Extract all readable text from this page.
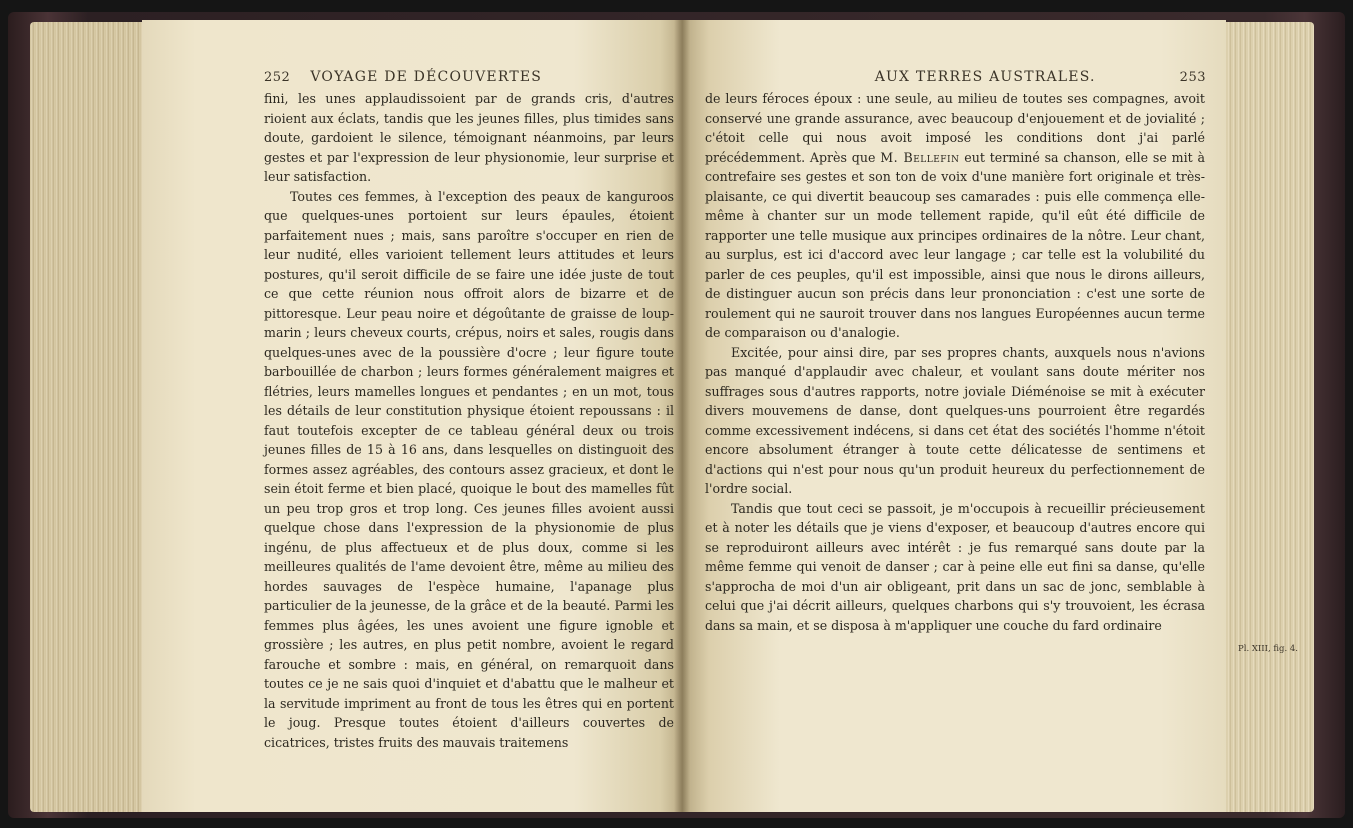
252 VOYAGE DE DÉCOUVERTES

fini, les unes applaudissoient par de grands cris, d'autres rioient aux éclats, tandis que les jeunes filles, plus timides sans doute, gardoient le silence, témoignant néanmoins, par leurs gestes et par l'expression de leur physionomie, leur surprise et leur satisfaction.

Toutes ces femmes, à l'exception des peaux de kanguroos que quelques-unes portoient sur leurs épaules, étoient parfaitement nues ; mais, sans paroître s'occuper en rien de leur nudité, elles varioient tellement leurs attitudes et leurs postures, qu'il seroit difficile de se faire une idée juste de tout ce que cette réunion nous offroit alors de bizarre et de pittoresque. Leur peau noire et dégoûtante de graisse de loup-marin ; leurs cheveux courts, crépus, noirs et sales, rougis dans quelques-unes avec de la poussière d'ocre ; leur figure toute barbouillée de charbon ; leurs formes généralement maigres et flétries, leurs mamelles longues et pendantes ; en un mot, tous les détails de leur constitution physique étoient repoussans : il faut toutefois excepter de ce tableau général deux ou trois jeunes filles de 15 à 16 ans, dans lesquelles on distinguoit des formes assez agréables, des contours assez gracieux, et dont le sein étoit ferme et bien placé, quoique le bout des mamelles fût un peu trop gros et trop long. Ces jeunes filles avoient aussi quelque chose dans l'expression de la physionomie de plus ingénu, de plus affectueux et de plus doux, comme si les meilleures qualités de l'ame devoient être, même au milieu des hordes sauvages de l'espèce humaine, l'apanage plus particulier de la jeunesse, de la grâce et de la beauté. Parmi les femmes plus âgées, les unes avoient une figure ignoble et grossière ; les autres, en plus petit nombre, avoient le regard farouche et sombre : mais, en général, on remarquoit dans toutes ce je ne sais quoi d'inquiet et d'abattu que le malheur et la servitude impriment au front de tous les êtres qui en portent le joug. Presque toutes étoient d'ailleurs couvertes de cicatrices, tristes fruits des mauvais traitemens

AUX TERRES AUSTRALES.	253

de leurs féroces époux : une seule, au milieu de toutes ses compagnes, avoit conservé une grande assurance, avec beaucoup d'enjouement et de jovialité ; c'étoit celle qui nous avoit imposé les conditions dont j'ai parlé précédemment. Après que M. Bellefin eut terminé sa chanson, elle se mit à contrefaire ses gestes et son ton de voix d'une manière fort originale et très-plaisante, ce qui divertit beaucoup ses camarades : puis elle commença elle-même à chanter sur un mode tellement rapide, qu'il eût été difficile de rapporter une telle musique aux principes ordinaires de la nôtre. Leur chant, au surplus, est ici d'accord avec leur langage ; car telle est la volubilité du parler de ces peuples, qu'il est impossible, ainsi que nous le dirons ailleurs, de distinguer aucun son précis dans leur prononciation : c'est une sorte de roulement qui ne sauroit trouver dans nos langues Européennes aucun terme de comparaison ou d'analogie.

Excitée, pour ainsi dire, par ses propres chants, auxquels nous n'avions pas manqué d'applaudir avec chaleur, et voulant sans doute mériter nos suffrages sous d'autres rapports, notre joviale Diéménoise se mit à exécuter divers mouvemens de danse, dont quelques-uns pourroient être regardés comme excessivement indécens, si dans cet état des sociétés l'homme n'étoit encore absolument étranger à toute cette délicatesse de sentimens et d'actions qui n'est pour nous qu'un produit heureux du perfectionnement de l'ordre social.

Tandis que tout ceci se passoit, je m'occupois à recueillir précieusement et à noter les détails que je viens d'exposer, et beaucoup d'autres encore qui se reproduiront ailleurs avec intérêt : je fus remarqué sans doute par la même femme qui venoit de danser ; car à peine elle eut fini sa danse, qu'elle s'approcha de moi d'un air obligeant, prit dans un sac de jonc, semblable à celui que j'ai décrit ailleurs, quelques charbons qui s'y trouvoient, les écrasa dans sa main, et se disposa à m'appliquer une couche du fard ordinaire

Pl. XIII, fig. 4.
